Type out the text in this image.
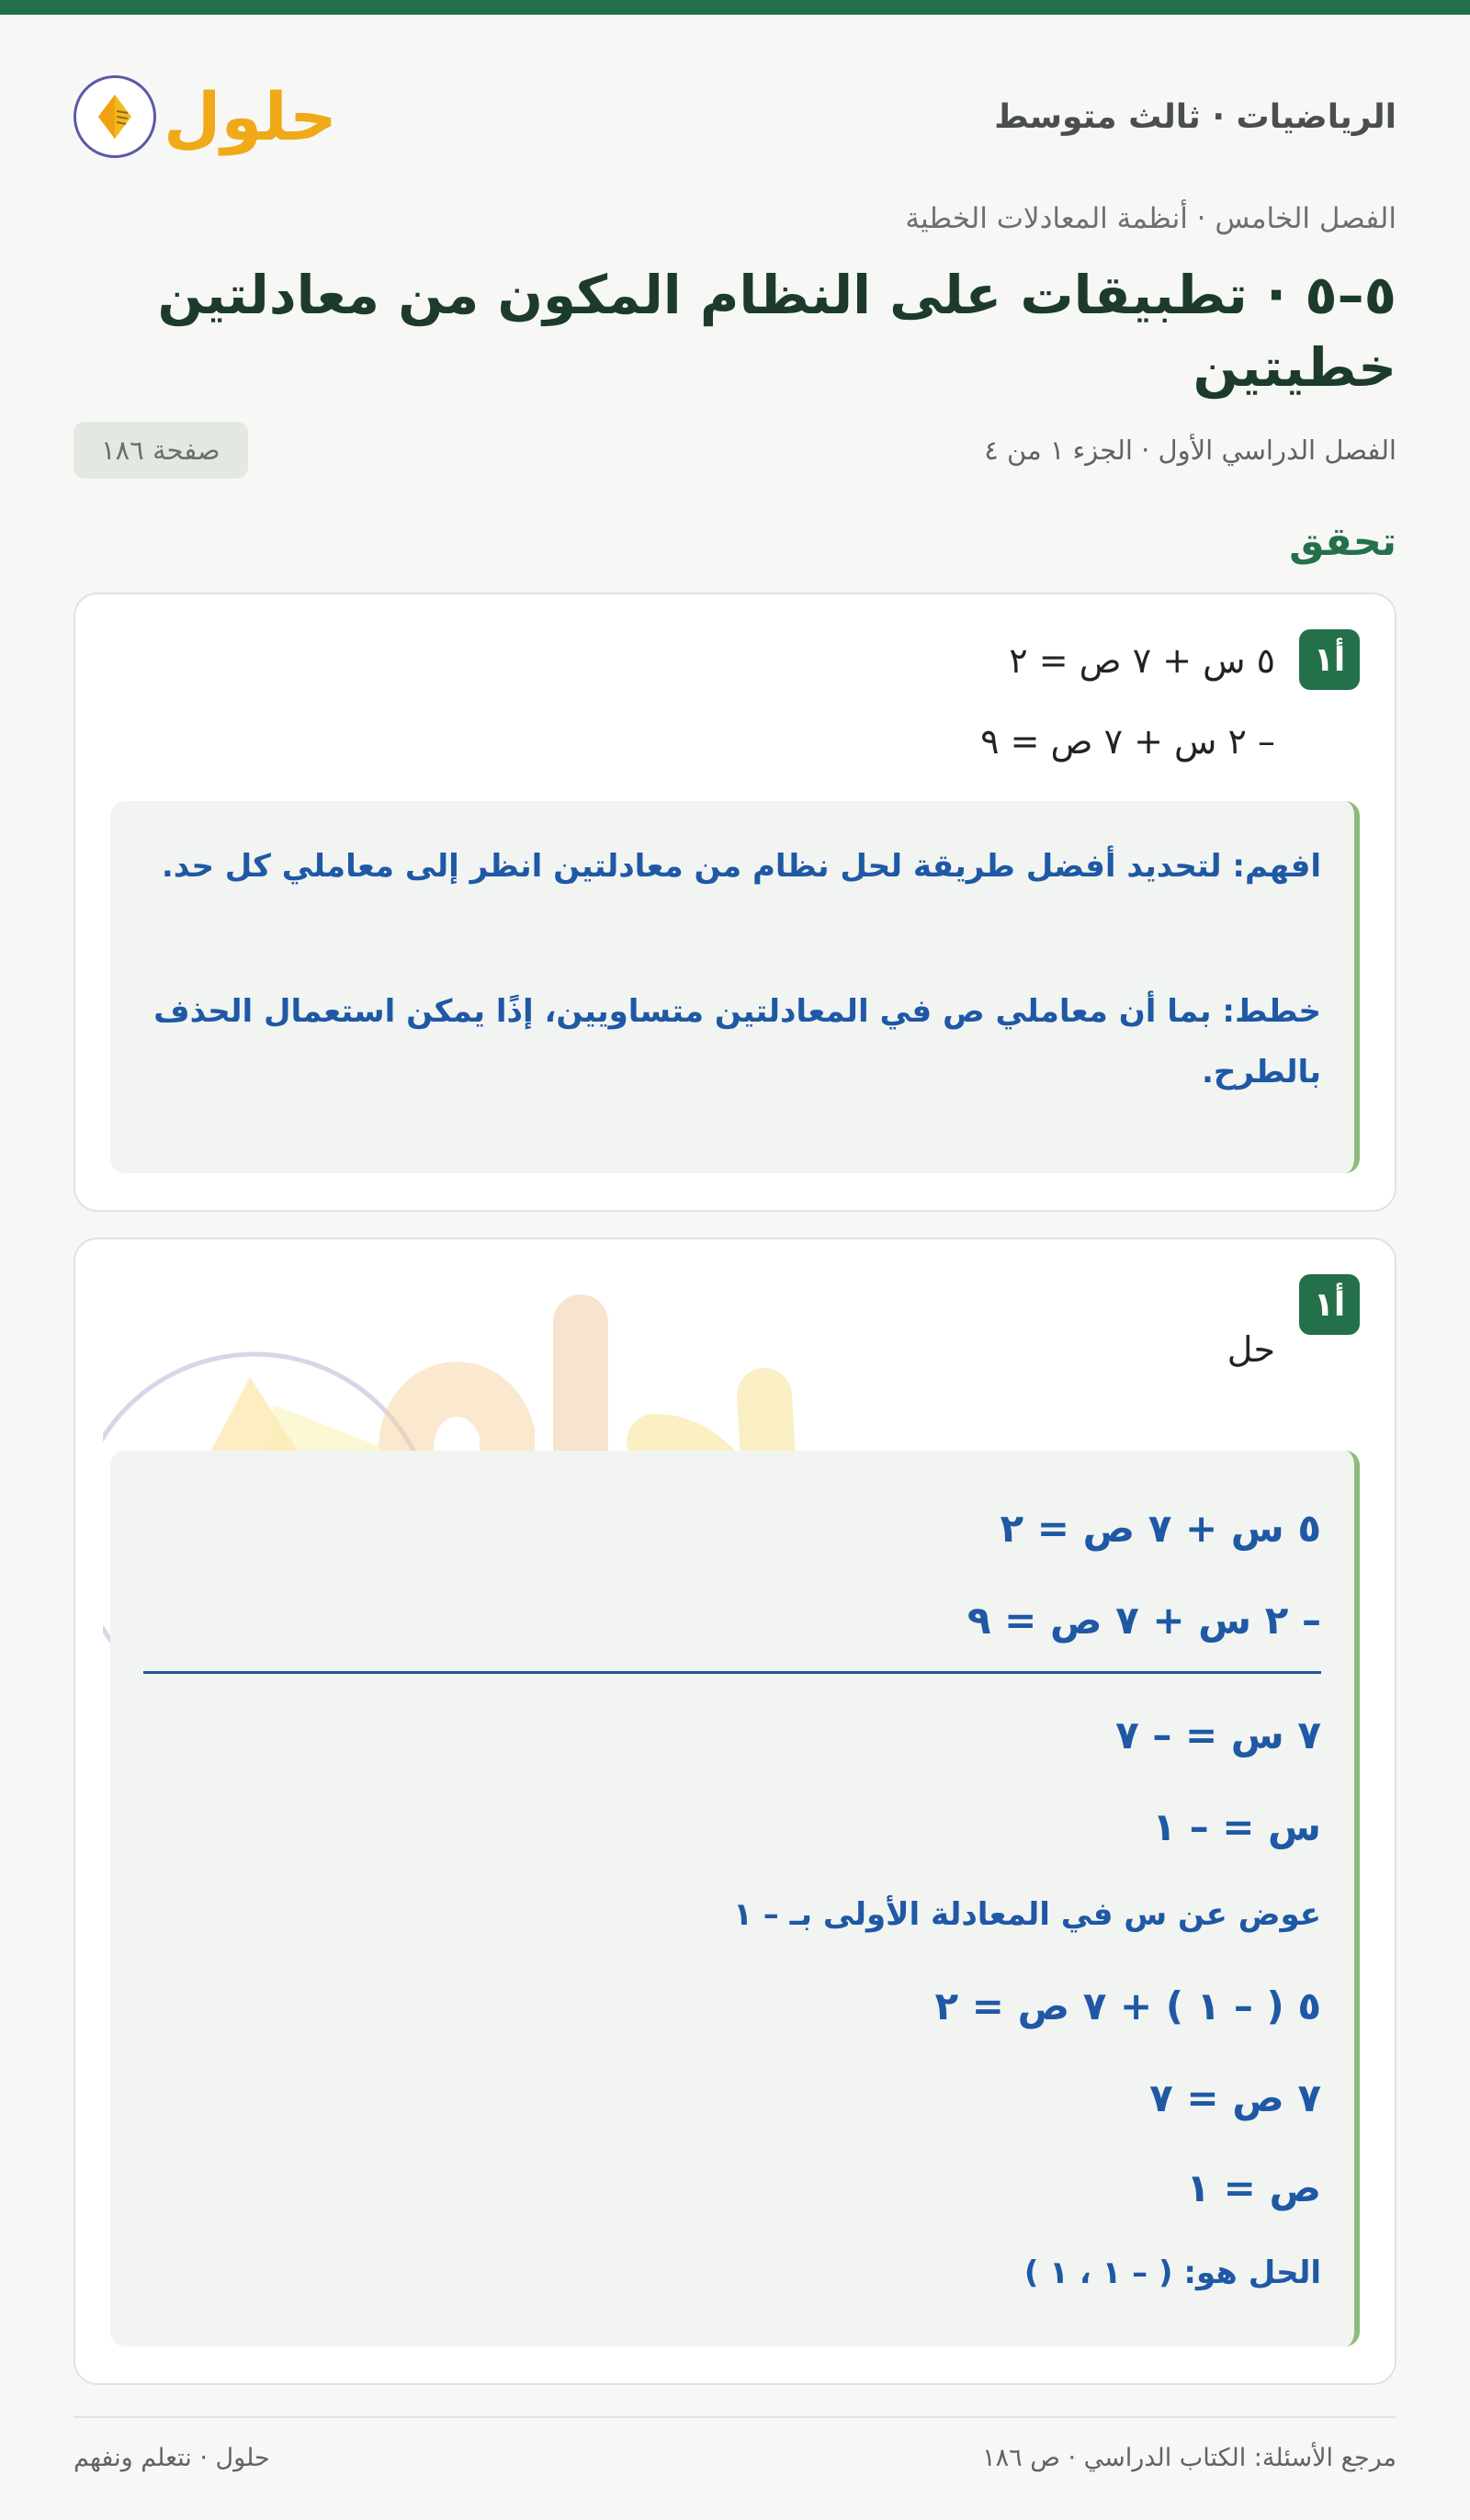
الرياضيات · ثالث متوسط
حلول
الفصل الخامس · أنظمة المعادلات الخطية
٥–٥ · تطبيقات على النظام المكون من معادلتين خطيتين
الفصل الدراسي الأول · الجزء ١ من ٤
صفحة ١٨٦
تحقق
أ١
٥ س + ٧ ص = ٢
– ٢ س + ٧ ص = ٩
افهم: لتحديد أفضل طريقة لحل نظام من معادلتين انظر إلى معاملي كل حد.
خطط: بما أن معاملي ص في المعادلتين متساويين، إذًا يمكن استعمال الحذف بالطرح.
أ١
حل
٥ س + ٧ ص = ٢
– ٢ س + ٧ ص = ٩
٧ س = – ٧
س = – ١
عوض عن س في المعادلة الأولى بـ – ١
٥ ( – ١ ) + ٧ ص = ٢
٧ ص = ٧
ص = ١
الحل هو: ( – ١ ، ١ )
مرجع الأسئلة: الكتاب الدراسي · ص ١٨٦
حلول · نتعلم ونفهم
